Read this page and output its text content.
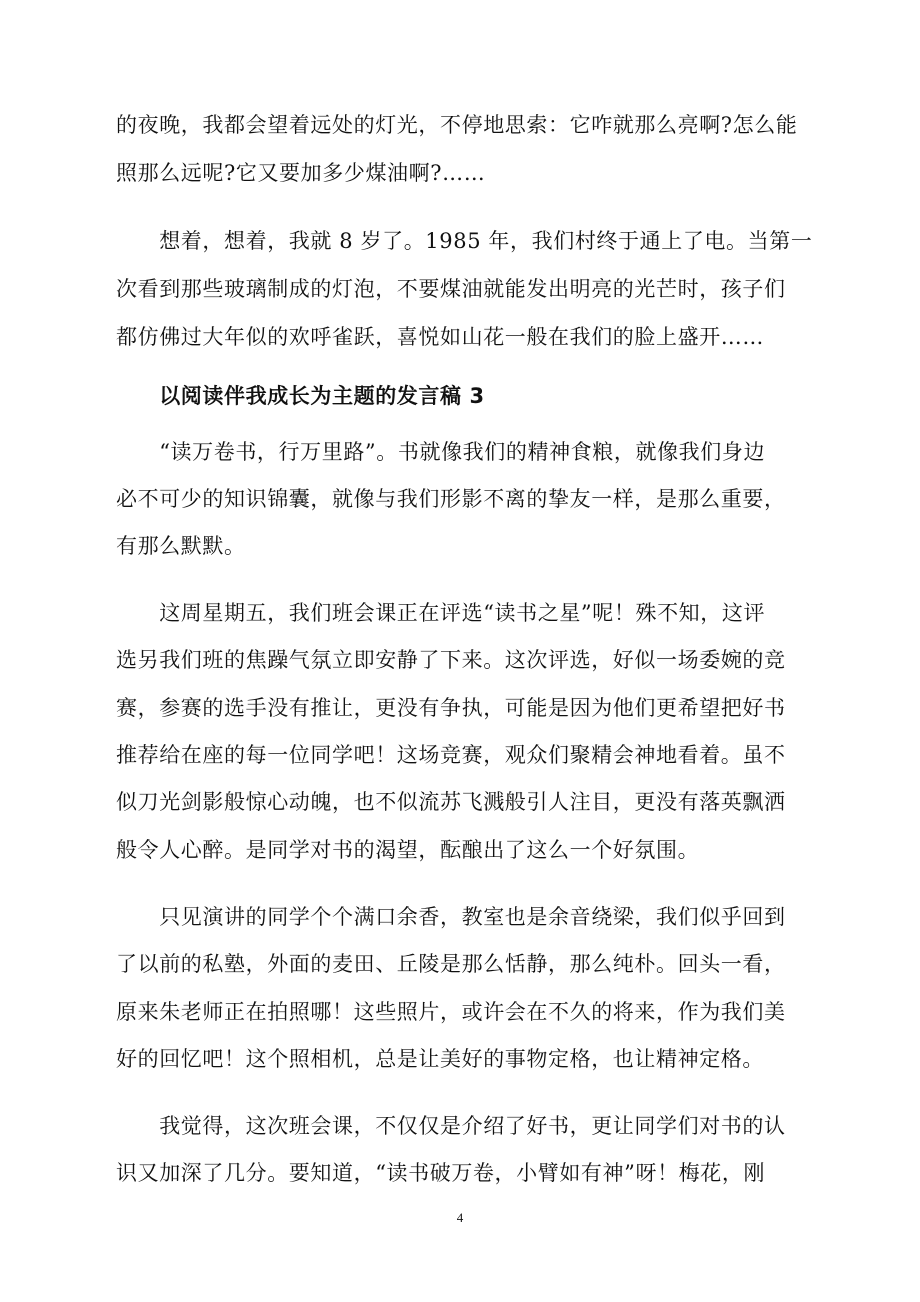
的夜晚，我都会望着远处的灯光，不停地思索：它咋就那么亮啊?怎么能
照那么远呢?它又要加多少煤油啊?……
　　想着，想着，我就 8 岁了。1985 年，我们村终于通上了电。当第一
次看到那些玻璃制成的灯泡，不要煤油就能发出明亮的光芒时，孩子们
都仿佛过大年似的欢呼雀跃，喜悦如山花一般在我们的脸上盛开……
　　以阅读伴我成长为主题的发言稿 3
　　“读万卷书，行万里路”。书就像我们的精神食粮，就像我们身边
必不可少的知识锦囊，就像与我们形影不离的挚友一样，是那么重要，
有那么默默。
　　这周星期五，我们班会课正在评选“读书之星”呢！殊不知，这评
选另我们班的焦躁气氛立即安静了下来。这次评选，好似一场委婉的竞
赛，参赛的选手没有推让，更没有争执，可能是因为他们更希望把好书
推荐给在座的每一位同学吧！这场竞赛，观众们聚精会神地看着。虽不
似刀光剑影般惊心动魄，也不似流苏飞溅般引人注目，更没有落英飘洒
般令人心醉。是同学对书的渴望，酝酿出了这么一个好氛围。
　　只见演讲的同学个个满口余香，教室也是余音绕梁，我们似乎回到
了以前的私塾，外面的麦田、丘陵是那么恬静，那么纯朴。回头一看，
原来朱老师正在拍照哪！这些照片，或许会在不久的将来，作为我们美
好的回忆吧！这个照相机，总是让美好的事物定格，也让精神定格。
　　我觉得，这次班会课，不仅仅是介绍了好书，更让同学们对书的认
识又加深了几分。要知道，“读书破万卷，小臂如有神”呀！梅花，刚
4
